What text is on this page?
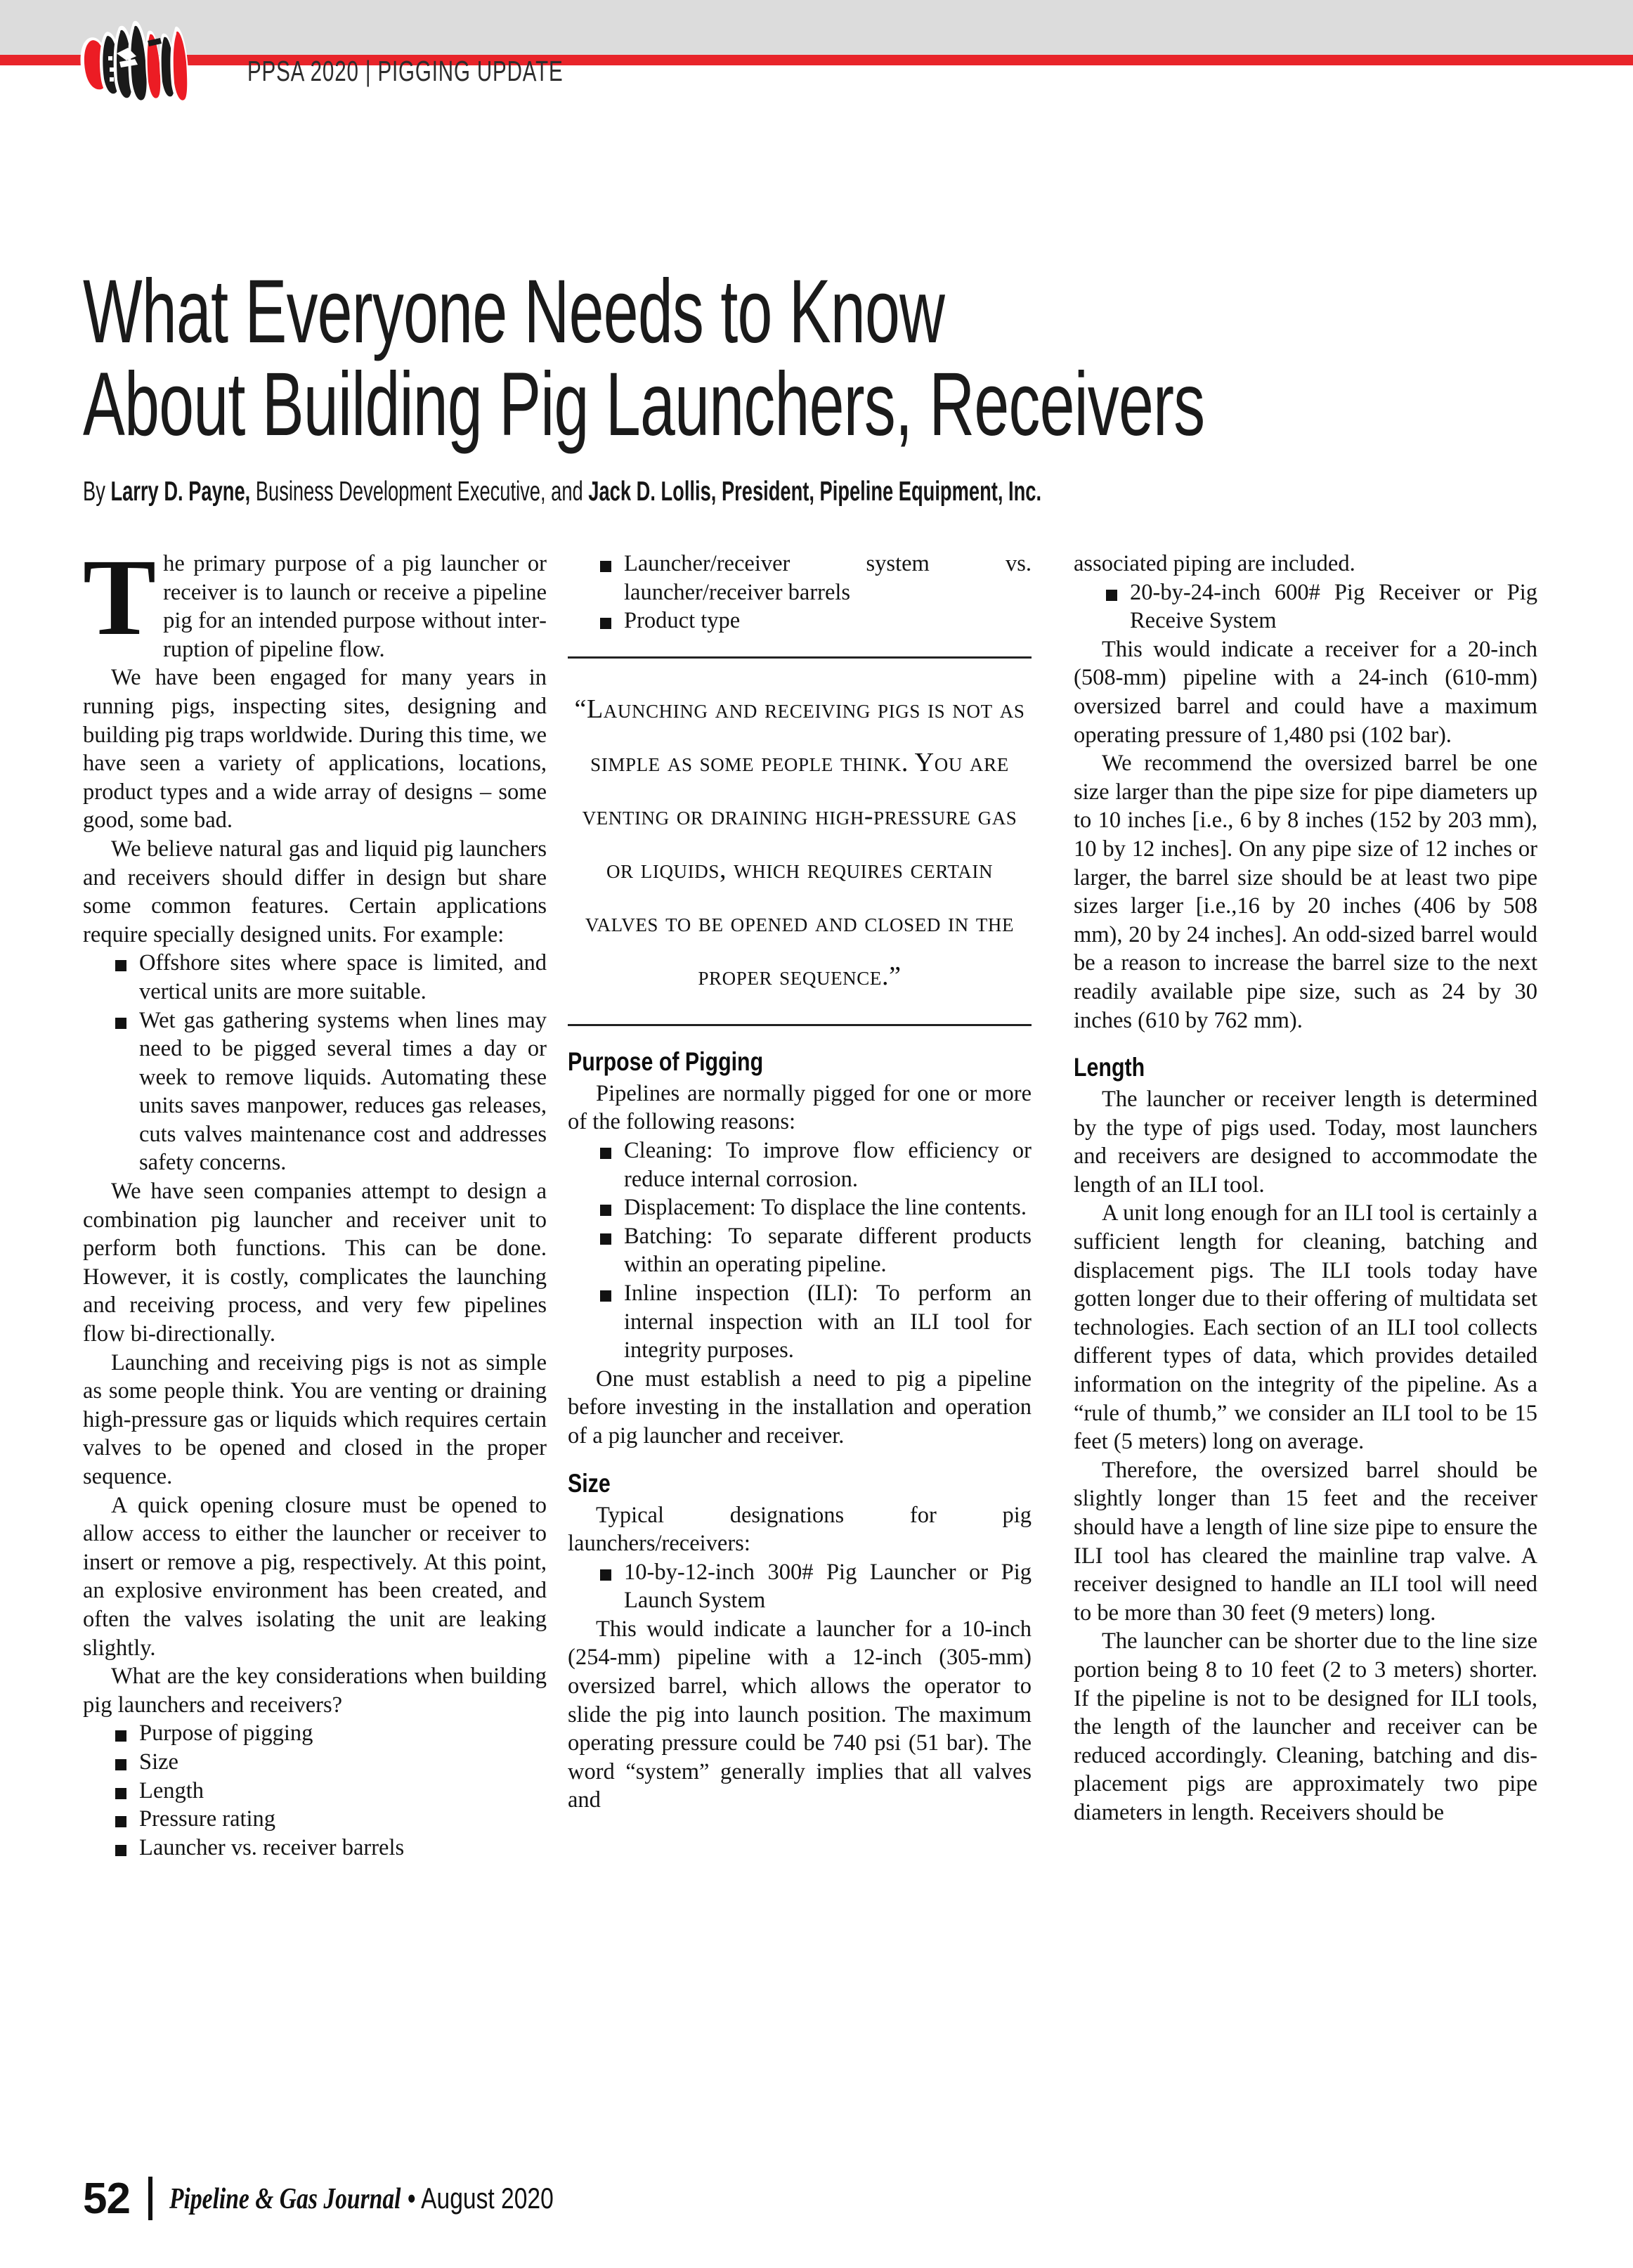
PPSA 2020 | PIGGING UPDATE
What Everyone Needs to Know
About Building Pig Launchers, Receivers
By Larry D. Payne, Business Development Executive, and Jack D. Lollis, President, Pipeline Equipment, Inc.

The primary purpose of a pig launcher or receiver is to launch or receive a pipeline pig for an intended purpose without interruption of pipeline flow.

We have been engaged for many years in running pigs, inspecting sites, designing and building pig traps worldwide. During this time, we have seen a variety of applications, locations, product types and a wide array of designs – some good, some bad.

We believe natural gas and liquid pig launchers and receivers should differ in design but share some common features. Certain applications require specially designed units. For example:

Offshore sites where space is limited, and vertical units are more suitable.
Wet gas gathering systems when lines may need to be pigged several times a day or week to remove liquids. Automating these units saves manpower, reduces gas releases, cuts valves maintenance cost and addresses safety concerns.

We have seen companies attempt to design a combination pig launcher and receiver unit to perform both functions. This can be done. However, it is costly, complicates the launching and receiving process, and very few pipelines flow bi-directionally.

Launching and receiving pigs is not as simple as some people think. You are venting or draining high-pressure gas or liquids which requires certain valves to be opened and closed in the proper sequence.

A quick opening closure must be opened to allow access to either the launcher or receiver to insert or remove a pig, respectively. At this point, an explosive environment has been created, and often the valves isolating the unit are leaking slightly.

What are the key considerations when building pig launchers and receivers?

Purpose of pigging
Size
Length
Pressure rating
Launcher vs. receiver barrels
Launcher/receiver system vs. launcher/receiver barrels
Product type
“Launching and receiving pigs is not as simple as some people think. You are venting or draining high-pressure gas or liquids, which requires certain valves to be opened and closed in the proper sequence.”
Purpose of Pigging

Pipelines are normally pigged for one or more of the following reasons:

Cleaning: To improve flow efficiency or reduce internal corrosion.
Displacement: To displace the line contents.
Batching: To separate different products within an operating pipeline.
Inline inspection (ILI): To perform an internal inspection with an ILI tool for integrity purposes.

One must establish a need to pig a pipeline before investing in the installation and operation of a pig launcher and receiver.

Size

Typical designations for pig launchers/receivers:

10-by-12-inch 300# Pig Launcher or Pig Launch System

This would indicate a launcher for a 10-inch (254-mm) pipeline with a 12-inch (305-mm) oversized barrel, which allows the operator to slide the pig into launch position. The maximum operating pressure could be 740 psi (51 bar). The word “system” generally implies that all valves and

associated piping are included.

20-by-24-inch 600# Pig Receiver or Pig Receive System

This would indicate a receiver for a 20-inch (508-mm) pipeline with a 24-inch (610-mm) oversized barrel and could have a maximum operating pressure of 1,480 psi (102 bar).

We recommend the oversized barrel be one size larger than the pipe size for pipe diameters up to 10 inches [i.e., 6 by 8 inches (152 by 203 mm), 10 by 12 inches]. On any pipe size of 12 inches or larger, the barrel size should be at least two pipe sizes larger [i.e.,16 by 20 inches (406 by 508 mm), 20 by 24 inches]. An odd-sized barrel would be a reason to increase the barrel size to the next readily available pipe size, such as 24 by 30 inches (610 by 762 mm).

Length

The launcher or receiver length is determined by the type of pigs used. Today, most launchers and receivers are designed to accommodate the length of an ILI tool.

A unit long enough for an ILI tool is certainly a sufficient length for cleaning, batching and displacement pigs. The ILI tools today have gotten longer due to their offering of multidata set technologies. Each section of an ILI tool collects different types of data, which provides detailed information on the integrity of the pipeline. As a “rule of thumb,” we consider an ILI tool to be 15 feet (5 meters) long on average.

Therefore, the oversized barrel should be slightly longer than 15 feet and the receiver should have a length of line size pipe to ensure the ILI tool has cleared the mainline trap valve. A receiver designed to handle an ILI tool will need to be more than 30 feet (9 meters) long.

The launcher can be shorter due to the line size portion being 8 to 10 feet (2 to 3 meters) shorter. If the pipeline is not to be designed for ILI tools, the length of the launcher and receiver can be reduced accordingly. Cleaning, batching and displacement pigs are approximately two pipe diameters in length. Receivers should be

52 Pipeline & Gas Journal • August 2020
